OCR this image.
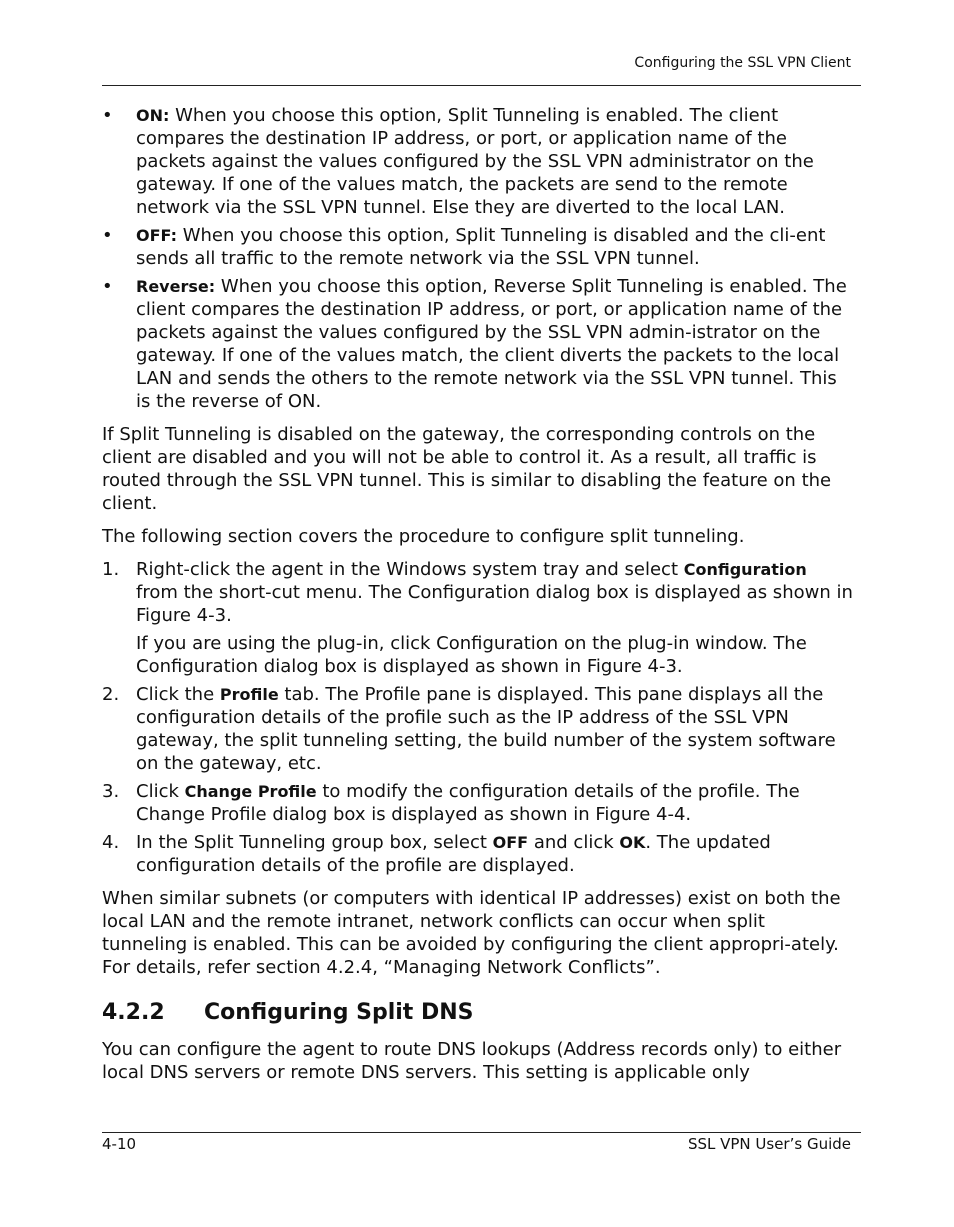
Configuring the SSL VPN Client
• ON: When you choose this option, Split Tunneling is enabled. The client compares the destination IP address, or port, or application name of the packets against the values configured by the SSL VPN administrator on the gateway. If one of the values match, the packets are send to the remote network via the SSL VPN tunnel. Else they are diverted to the local LAN.
• OFF: When you choose this option, Split Tunneling is disabled and the cli-ent sends all traffic to the remote network via the SSL VPN tunnel.
• Reverse: When you choose this option, Reverse Split Tunneling is enabled. The client compares the destination IP address, or port, or application name of the packets against the values configured by the SSL VPN admin-istrator on the gateway. If one of the values match, the client diverts the packets to the local LAN and sends the others to the remote network via the SSL VPN tunnel. This is the reverse of ON.

If Split Tunneling is disabled on the gateway, the corresponding controls on the client are disabled and you will not be able to control it. As a result, all traffic is routed through the SSL VPN tunnel. This is similar to disabling the feature on the client.

The following section covers the procedure to configure split tunneling.

1. Right-click the agent in the Windows system tray and select Configuration from the short-cut menu. The Configuration dialog box is displayed as shown in Figure 4-3.
If you are using the plug-in, click Configuration on the plug-in window. The Configuration dialog box is displayed as shown in Figure 4-3.
2. Click the Profile tab. The Profile pane is displayed. This pane displays all the configuration details of the profile such as the IP address of the SSL VPN gateway, the split tunneling setting, the build number of the system software on the gateway, etc.
3. Click Change Profile to modify the configuration details of the profile. The Change Profile dialog box is displayed as shown in Figure 4-4.
4. In the Split Tunneling group box, select OFF and click OK. The updated configuration details of the profile are displayed.

When similar subnets (or computers with identical IP addresses) exist on both the local LAN and the remote intranet, network conflicts can occur when split tunneling is enabled. This can be avoided by configuring the client appropri-ately. For details, refer section 4.2.4, “Managing Network Conflicts”.

4.2.2 Configuring Split DNS

You can configure the agent to route DNS lookups (Address records only) to either local DNS servers or remote DNS servers. This setting is applicable only

4-10	SSL VPN User’s Guide
